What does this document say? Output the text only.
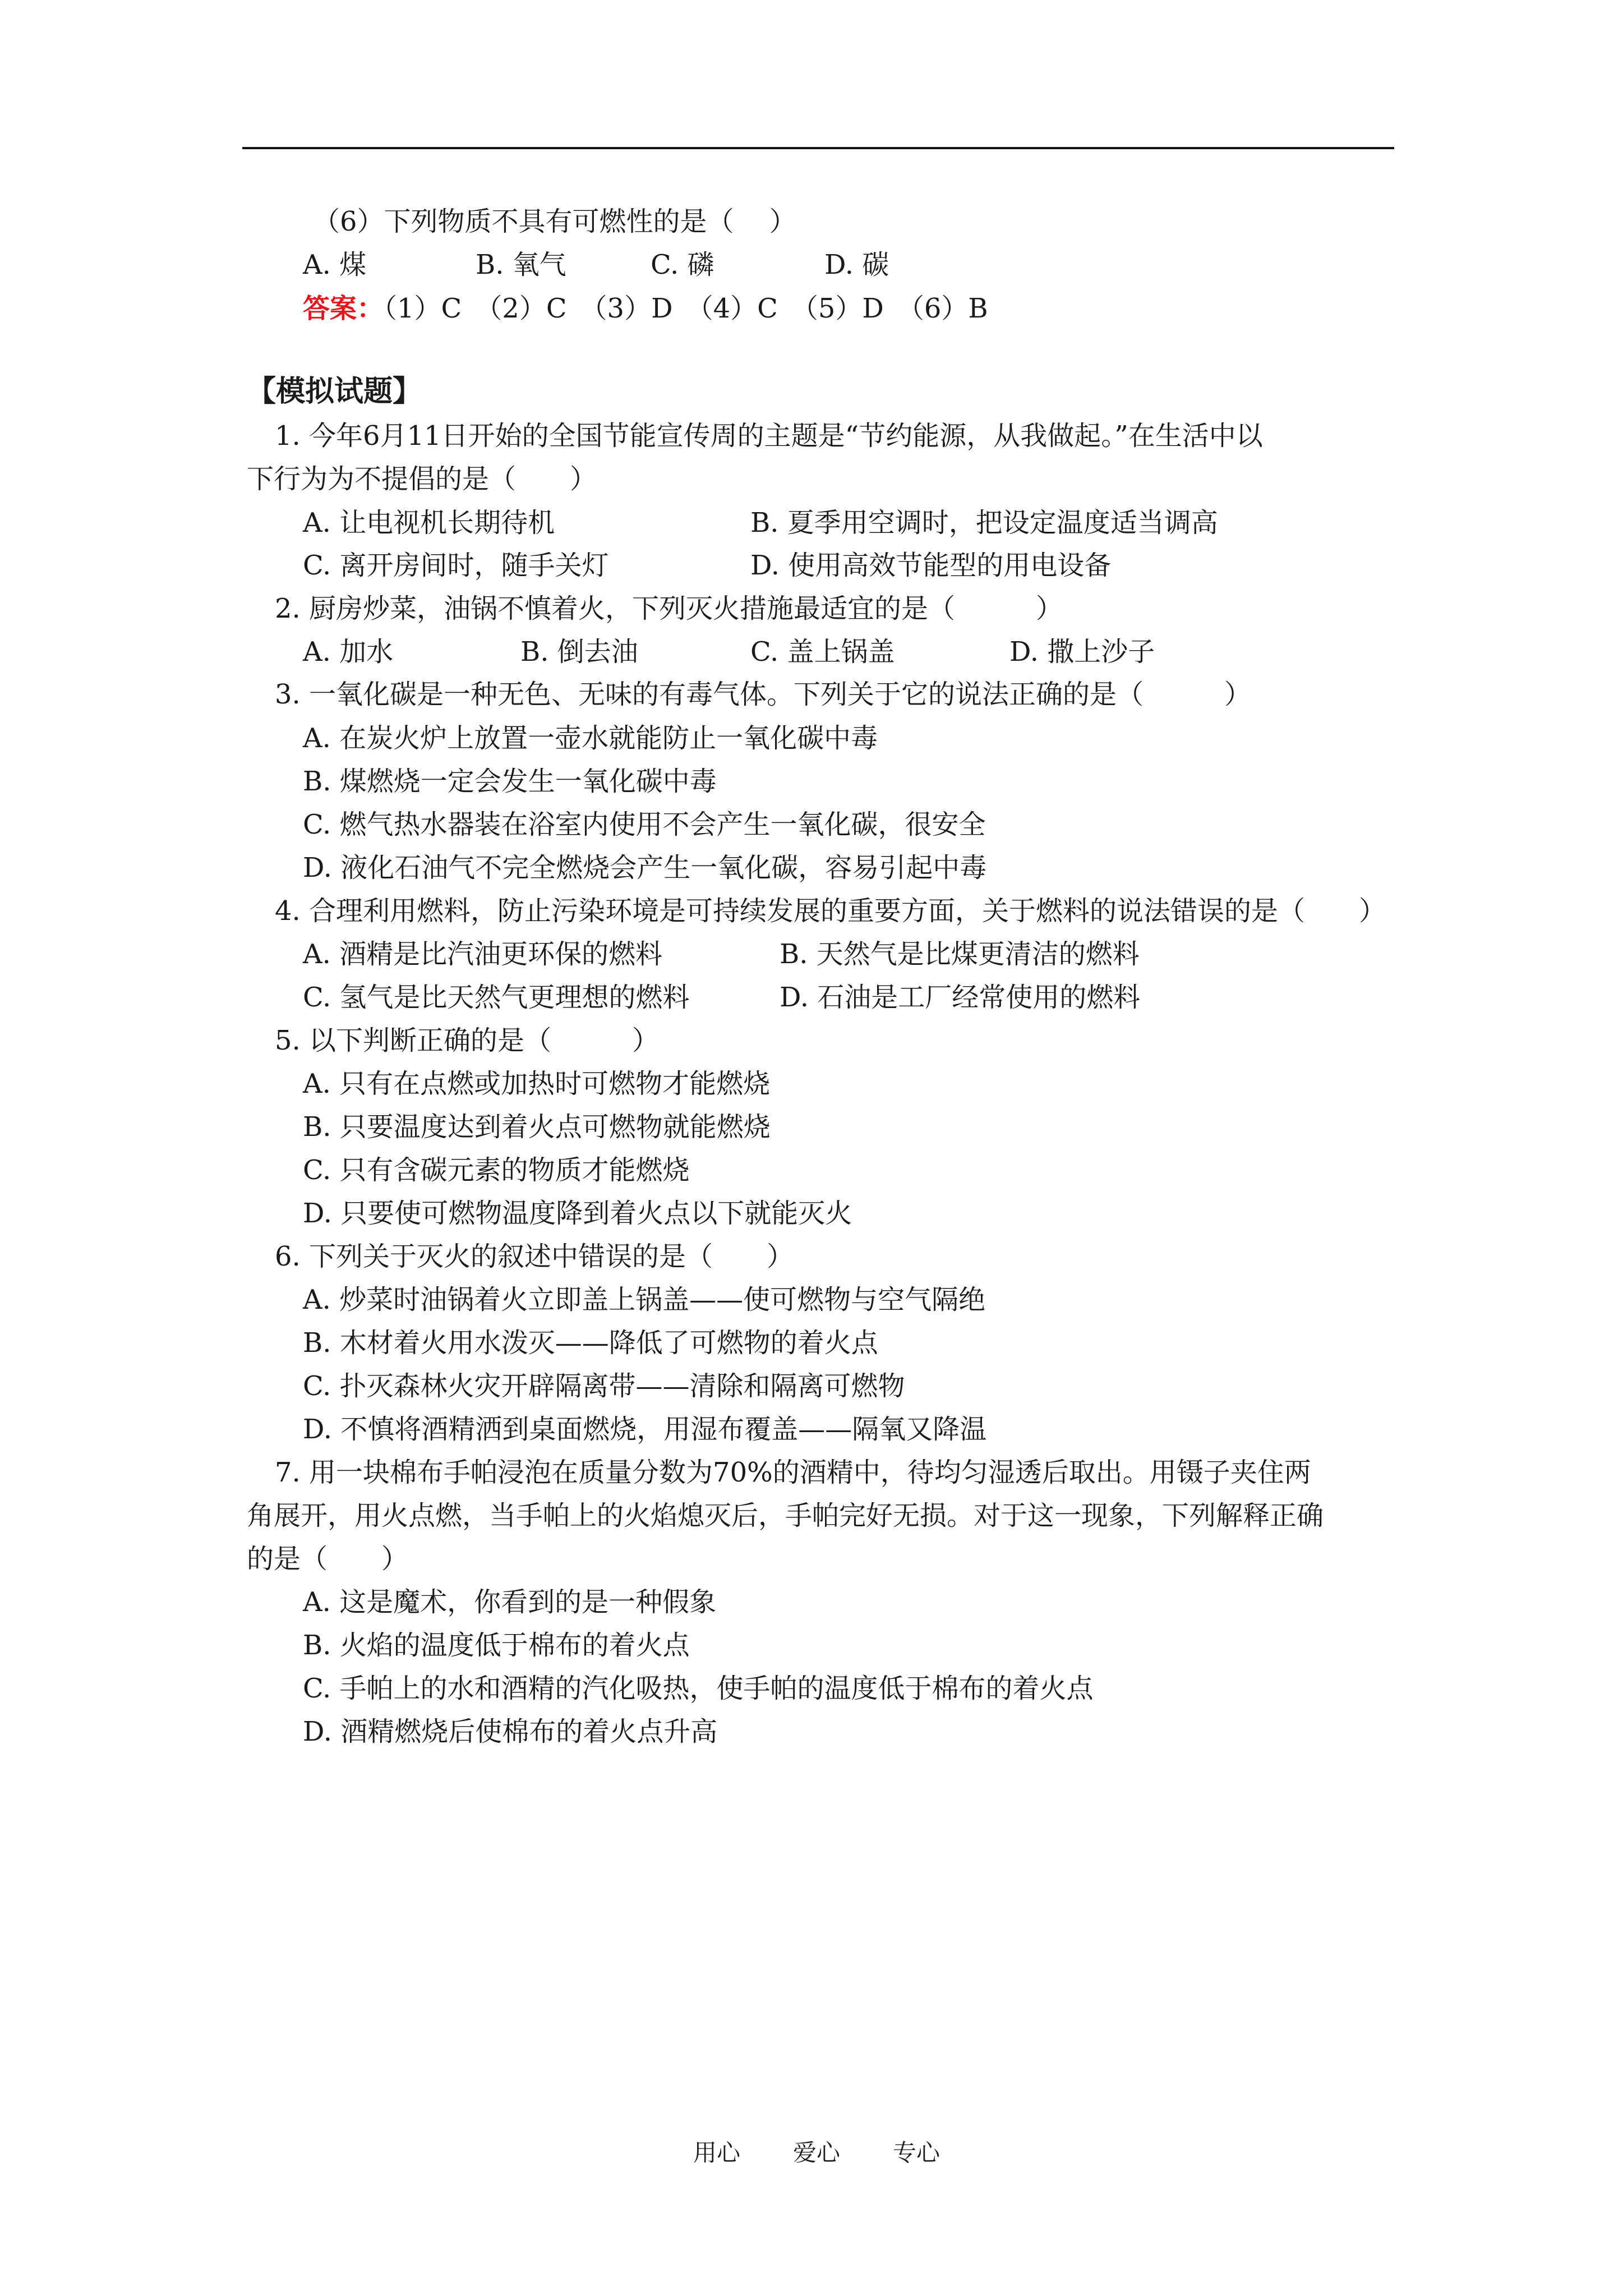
（6）下列物质不具有可燃性的是（　 ）
A. 煤	B. 氧气	C. 磷	D. 碳
答案：（1）C　（2）C　（3）D　（4）C　（5）D　（6）B
【模拟试题】
1. 今年6月11日开始的全国节能宣传周的主题是“节约能源，从我做起。”在生活中以
下行为为不提倡的是（　　）
A. 让电视机长期待机	B. 夏季用空调时，把设定温度适当调高
C. 离开房间时，随手关灯	D. 使用高效节能型的用电设备
2. 厨房炒菜，油锅不慎着火，下列灭火措施最适宜的是（　　　）
A. 加水	B. 倒去油	C. 盖上锅盖	D. 撒上沙子
3. 一氧化碳是一种无色、无味的有毒气体。下列关于它的说法正确的是（　　　）
A. 在炭火炉上放置一壶水就能防止一氧化碳中毒
B. 煤燃烧一定会发生一氧化碳中毒
C. 燃气热水器装在浴室内使用不会产生一氧化碳，很安全
D. 液化石油气不完全燃烧会产生一氧化碳，容易引起中毒
4. 合理利用燃料，防止污染环境是可持续发展的重要方面，关于燃料的说法错误的是（　　）
A. 酒精是比汽油更环保的燃料	B. 天然气是比煤更清洁的燃料
C. 氢气是比天然气更理想的燃料	D. 石油是工厂经常使用的燃料
5. 以下判断正确的是（　　　）
A. 只有在点燃或加热时可燃物才能燃烧
B. 只要温度达到着火点可燃物就能燃烧
C. 只有含碳元素的物质才能燃烧
D. 只要使可燃物温度降到着火点以下就能灭火
6. 下列关于灭火的叙述中错误的是（　　）
A. 炒菜时油锅着火立即盖上锅盖——使可燃物与空气隔绝
B. 木材着火用水泼灭——降低了可燃物的着火点
C. 扑灭森林火灾开辟隔离带——清除和隔离可燃物
D. 不慎将酒精洒到桌面燃烧，用湿布覆盖——隔氧又降温
7. 用一块棉布手帕浸泡在质量分数为70%的酒精中，待均匀湿透后取出。用镊子夹住两
角展开，用火点燃，当手帕上的火焰熄灭后，手帕完好无损。对于这一现象，下列解释正确
的是（　　）
A. 这是魔术，你看到的是一种假象
B. 火焰的温度低于棉布的着火点
C. 手帕上的水和酒精的汽化吸热，使手帕的温度低于棉布的着火点
D. 酒精燃烧后使棉布的着火点升高
用心 爱心 专心
